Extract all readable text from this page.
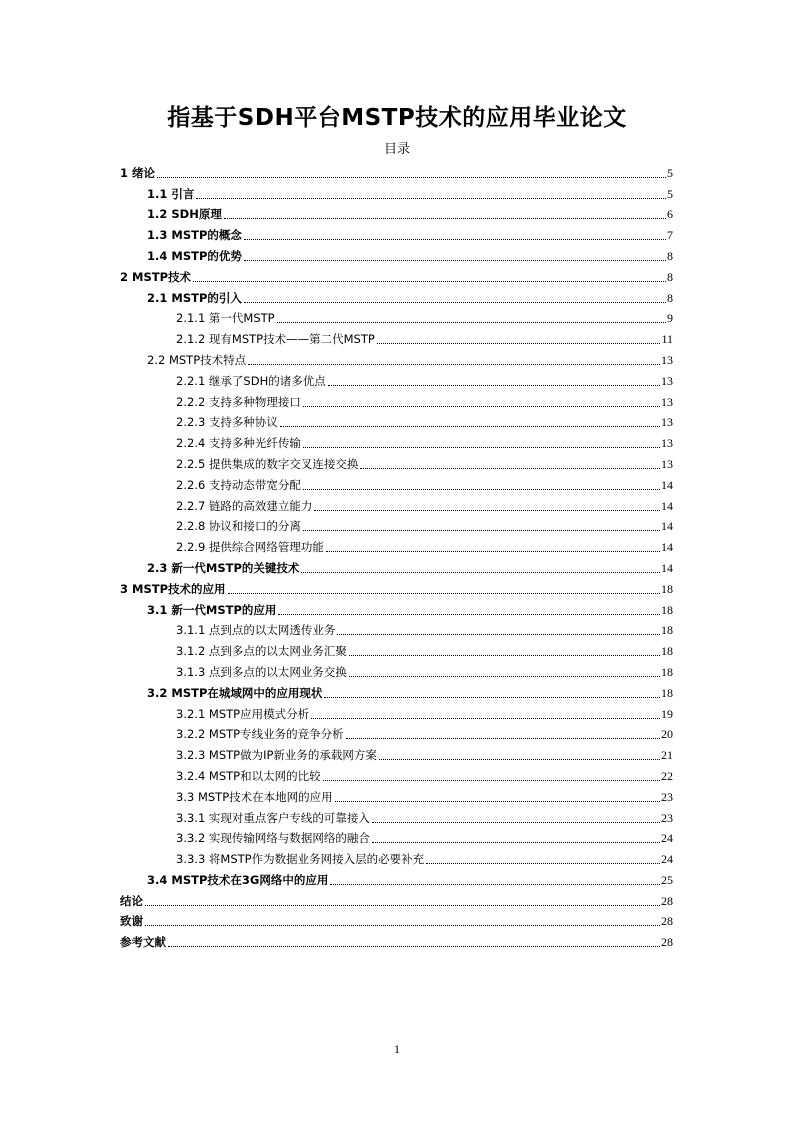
指基于SDH平台MSTP技术的应用毕业论文
目录
1 绪论	5
1.1 引言	5
1.2 SDH原理	6
1.3 MSTP的概念	7
1.4 MSTP的优势	8
2 MSTP技术	8
2.1 MSTP的引入	8
2.1.1 第一代MSTP	9
2.1.2 现有MSTP技术——第二代MSTP	11
2.2 MSTP技术特点	13
2.2.1 继承了SDH的诸多优点	13
2.2.2 支持多种物理接口	13
2.2.3 支持多种协议	13
2.2.4 支持多种光纤传输	13
2.2.5 提供集成的数字交叉连接交换	13
2.2.6 支持动态带宽分配	14
2.2.7 链路的高效建立能力	14
2.2.8 协议和接口的分离	14
2.2.9 提供综合网络管理功能	14
2.3 新一代MSTP的关键技术	14
3 MSTP技术的应用	18
3.1 新一代MSTP的应用	18
3.1.1 点到点的以太网透传业务	18
3.1.2 点到多点的以太网业务汇聚	18
3.1.3 点到多点的以太网业务交换	18
3.2 MSTP在城域网中的应用现状	18
3.2.1 MSTP应用模式分析	19
3.2.2 MSTP专线业务的竞争分析	20
3.2.3 MSTP做为IP新业务的承载网方案	21
3.2.4 MSTP和以太网的比较	22
3.3 MSTP技术在本地网的应用	23
3.3.1 实现对重点客户专线的可靠接入	23
3.3.2 实现传输网络与数据网络的融合	24
3.3.3 将MSTP作为数据业务网接入层的必要补充	24
3.4 MSTP技术在3G网络中的应用	25
结论	28
致谢	28
参考文献	28
1
